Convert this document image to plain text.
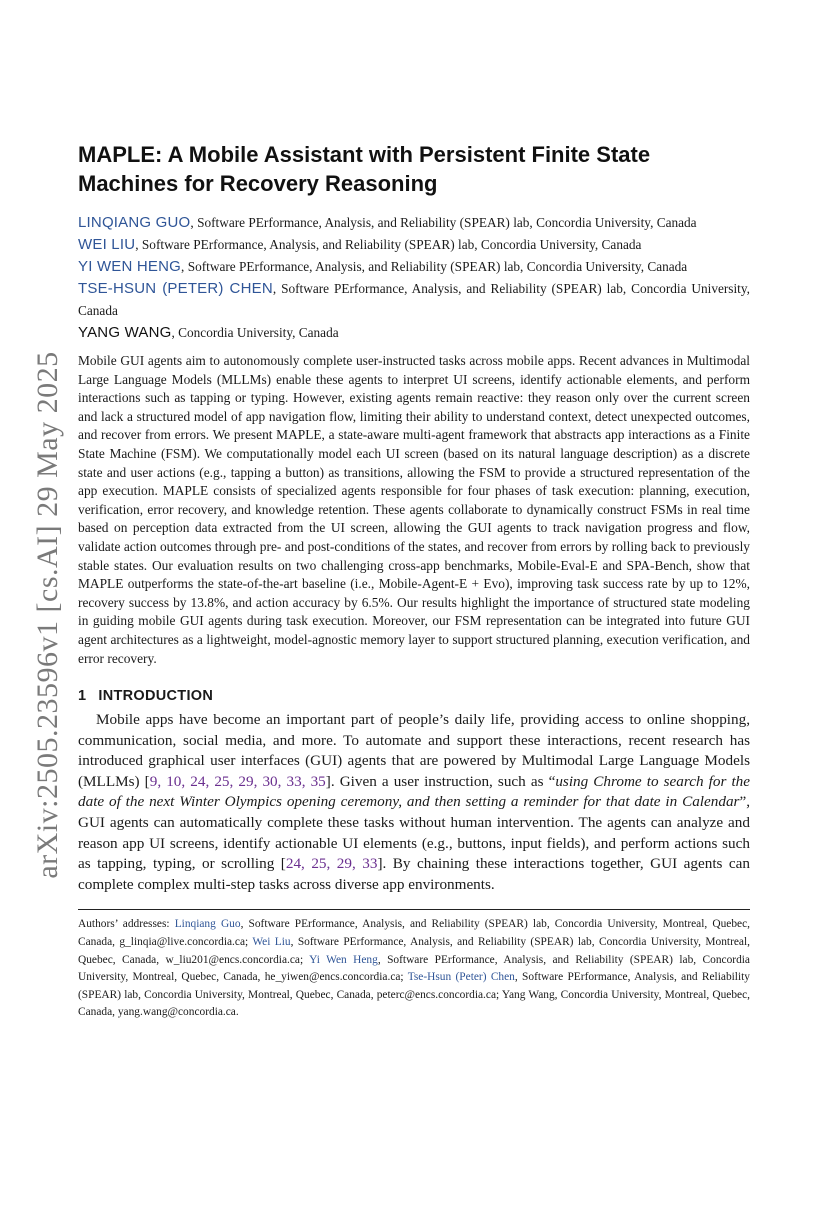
arXiv:2505.23596v1 [cs.AI] 29 May 2025
MAPLE: A Mobile Assistant with Persistent Finite State Machines for Recovery Reasoning

LINQIANG GUO, Software PErformance, Analysis, and Reliability (SPEAR) lab, Concordia University, Canada

WEI LIU, Software PErformance, Analysis, and Reliability (SPEAR) lab, Concordia University, Canada

YI WEN HENG, Software PErformance, Analysis, and Reliability (SPEAR) lab, Concordia University, Canada

TSE-HSUN (PETER) CHEN, Software PErformance, Analysis, and Reliability (SPEAR) lab, Concordia University, Canada

YANG WANG, Concordia University, Canada

Mobile GUI agents aim to autonomously complete user-instructed tasks across mobile apps. Recent advances in Multimodal Large Language Models (MLLMs) enable these agents to interpret UI screens, identify actionable elements, and perform interactions such as tapping or typing. However, existing agents remain reactive: they reason only over the current screen and lack a structured model of app navigation flow, limiting their ability to understand context, detect unexpected outcomes, and recover from errors. We present MAPLE, a state-aware multi-agent framework that abstracts app interactions as a Finite State Machine (FSM). We computationally model each UI screen (based on its natural language description) as a discrete state and user actions (e.g., tapping a button) as transitions, allowing the FSM to provide a structured representation of the app execution. MAPLE consists of specialized agents responsible for four phases of task execution: planning, execution, verification, error recovery, and knowledge retention. These agents collaborate to dynamically construct FSMs in real time based on perception data extracted from the UI screen, allowing the GUI agents to track navigation progress and flow, validate action outcomes through pre- and post-conditions of the states, and recover from errors by rolling back to previously stable states. Our evaluation results on two challenging cross-app benchmarks, Mobile-Eval-E and SPA-Bench, show that MAPLE outperforms the state-of-the-art baseline (i.e., Mobile-Agent-E + Evo), improving task success rate by up to 12%, recovery success by 13.8%, and action accuracy by 6.5%. Our results highlight the importance of structured state modeling in guiding mobile GUI agents during task execution. Moreover, our FSM representation can be integrated into future GUI agent architectures as a lightweight, model-agnostic memory layer to support structured planning, execution verification, and error recovery.

1 INTRODUCTION

Mobile apps have become an important part of people’s daily life, providing access to online shopping, communication, social media, and more. To automate and support these interactions, recent research has introduced graphical user interfaces (GUI) agents that are powered by Multimodal Large Language Models (MLLMs) [9, 10, 24, 25, 29, 30, 33, 35]. Given a user instruction, such as “using Chrome to search for the date of the next Winter Olympics opening ceremony, and then setting a reminder for that date in Calendar”, GUI agents can automatically complete these tasks without human intervention. The agents can analyze and reason app UI screens, identify actionable UI elements (e.g., buttons, input fields), and perform actions such as tapping, typing, or scrolling [24, 25, 29, 33]. By chaining these interactions together, GUI agents can complete complex multi-step tasks across diverse app environments.

Authors’ addresses: Linqiang Guo, Software PErformance, Analysis, and Reliability (SPEAR) lab, Concordia University, Montreal, Quebec, Canada, g_linqia@live.concordia.ca; Wei Liu, Software PErformance, Analysis, and Reliability (SPEAR) lab, Concordia University, Montreal, Quebec, Canada, w_liu201@encs.concordia.ca; Yi Wen Heng, Software PErformance, Analysis, and Reliability (SPEAR) lab, Concordia University, Montreal, Quebec, Canada, he_yiwen@encs.concordia.ca; Tse-Hsun (Peter) Chen, Software PErformance, Analysis, and Reliability (SPEAR) lab, Concordia University, Montreal, Quebec, Canada, peterc@encs.concordia.ca; Yang Wang, Concordia University, Montreal, Quebec, Canada, yang.wang@concordia.ca.
